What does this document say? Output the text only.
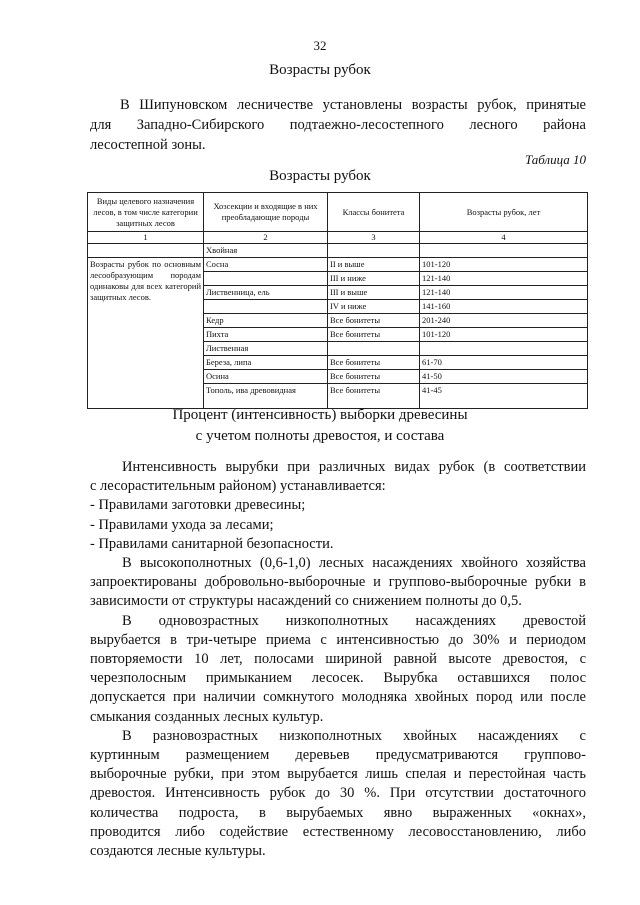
32
Возрасты рубок

В Шипуновском лесничестве установлены возрасты рубок, принятые
для Западно-Сибирского подтаежно-лесостепного лесного района
лесостепной зоны.

Таблица 10
Возрасты рубок
Виды целевого назначения лесов, в том числе категории защитных лесов	Хозсекции и входящие в них преобладающие породы	Классы бонитета	Возрасты рубок, лет
1	2	3	4
	Хвойная		
Возрасты рубок по основным лесообразующим породам одинаковы для всех категорий защитных лесов.	Сосна	II и выше	101-120
		III и ниже	121-140
	Лиственница, ель	III и выше	121-140
		IV и ниже	141-160
	Кедр	Все бонитеты	201-240
	Пихта	Все бонитеты	101-120
	Лиственная		
	Береза, липа	Все бонитеты	61-70
	Осина	Все бонитеты	41-50
	Тополь, ива древовидная	Все бонитеты	41-45
Процент (интенсивность) выборки древесины
с учетом полноты древостоя, и состава

Интенсивность вырубки при различных видах рубок (в соответствии
с лесорастительным районом) устанавливается:
- Правилами заготовки древесины;
- Правилами ухода за лесами;
- Правилами санитарной безопасности.
В высокополнотных (0,6-1,0) лесных насаждениях хвойного хозяйства
запроектированы добровольно-выборочные и группово-выборочные рубки в
зависимости от структуры насаждений со снижением полноты до 0,5.
В одновозрастных низкополнотных насаждениях древостой
вырубается в три-четыре приема с интенсивностью до 30% и периодом
повторяемости 10 лет, полосами шириной равной высоте древостоя, с
черезполосным примыканием лесосек. Вырубка оставшихся полос
допускается при наличии сомкнутого молодняка хвойных пород или после
смыкания созданных лесных культур.
В разновозрастных низкополнотных хвойных насаждениях с
куртинным размещением деревьев предусматриваются группово-
выборочные рубки, при этом вырубается лишь спелая и перестойная часть
древостоя. Интенсивность рубок до 30 %. При отсутствии достаточного
количества подроста, в вырубаемых явно выраженных «окнах»,
проводится либо содействие естественному лесовосстановлению, либо
создаются лесные культуры.
